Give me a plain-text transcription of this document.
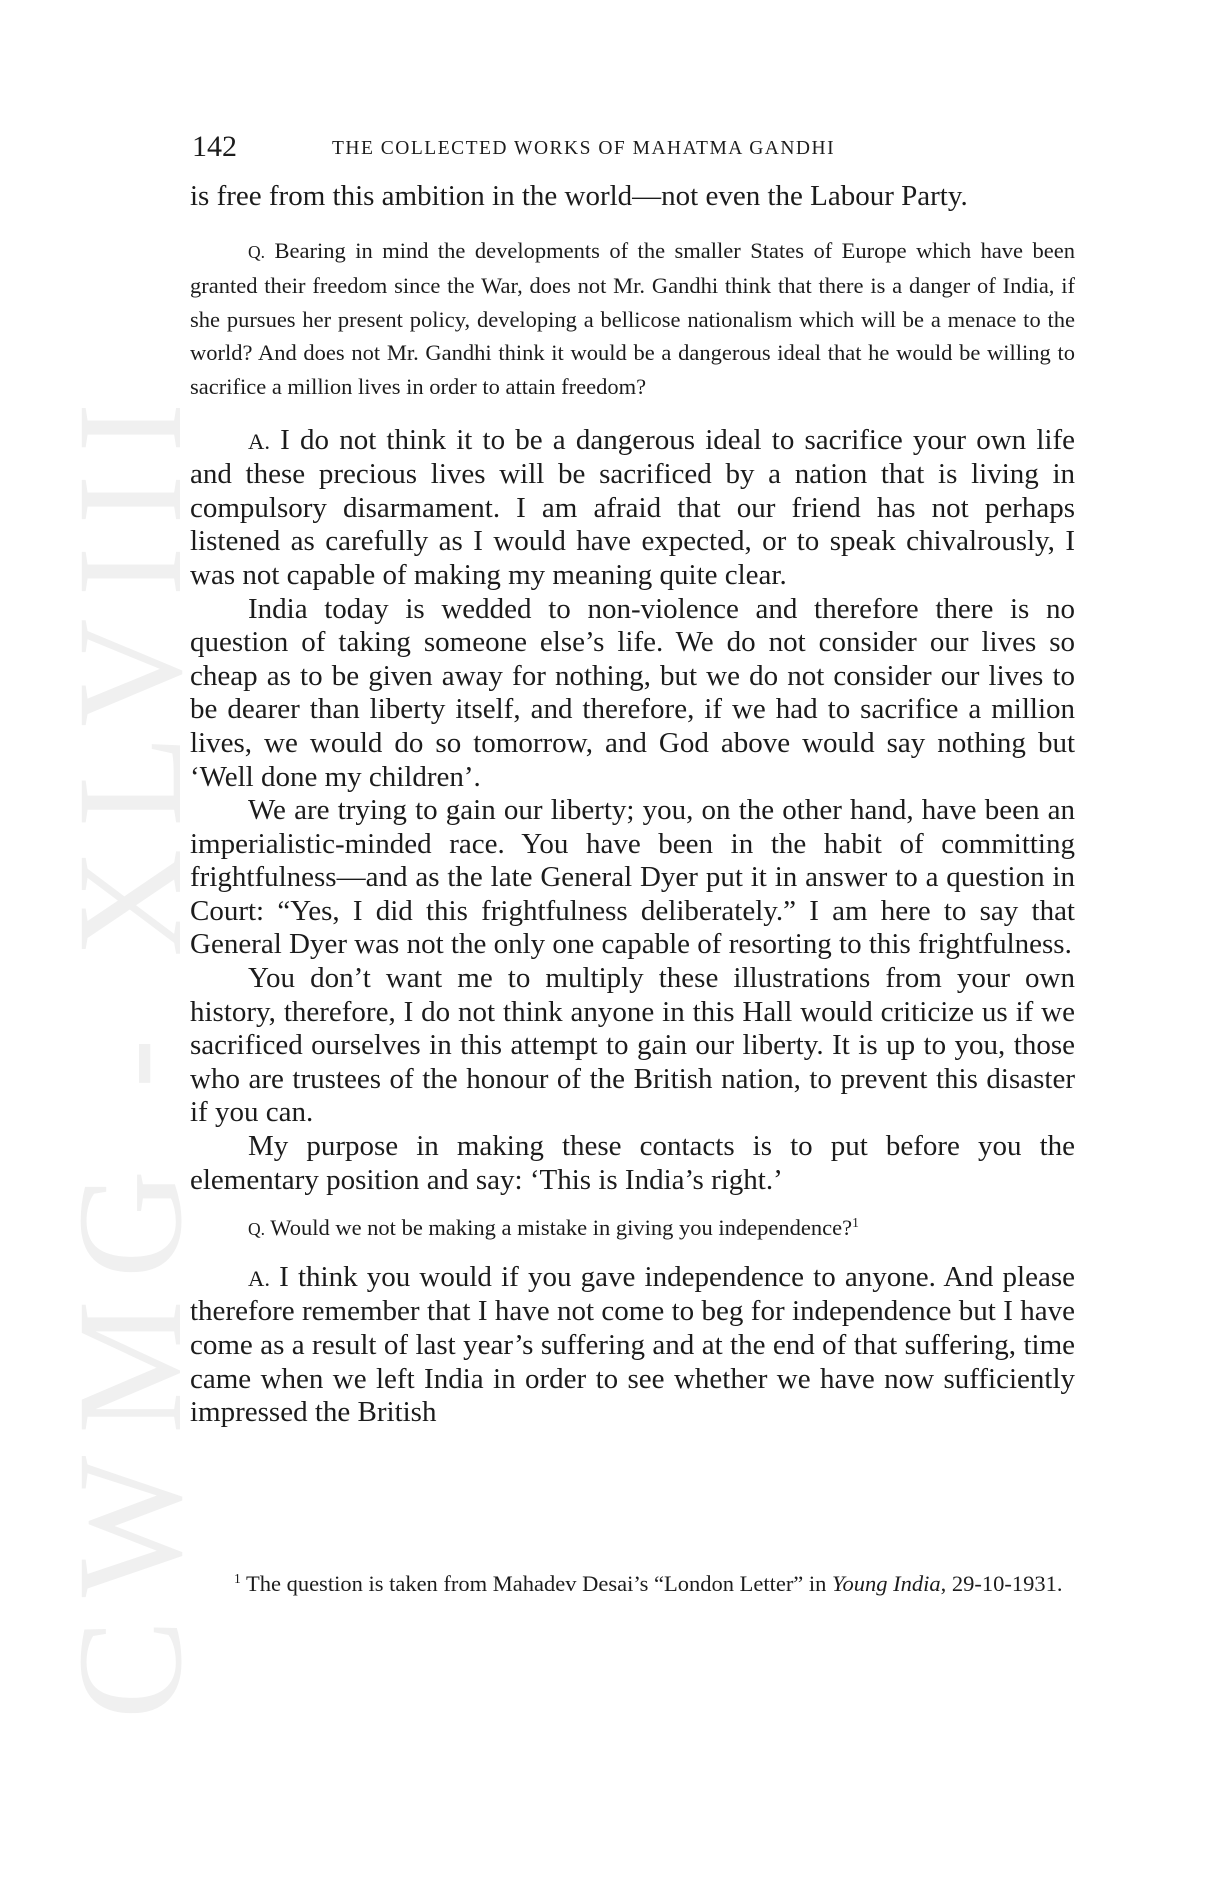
CWMG - XLVIII
142	THE COLLECTED WORKS OF MAHATMA GANDHI

is free from this ambition in the world—not even the Labour Party.

Q. Bearing in mind the developments of the smaller States of Europe which have been granted their freedom since the War, does not Mr. Gandhi think that there is a danger of India, if she pursues her present policy, developing a bellicose nationalism which will be a menace to the world? And does not Mr. Gandhi think it would be a dangerous ideal that he would be willing to sacrifice a million lives in order to attain freedom?

A. I do not think it to be a dangerous ideal to sacrifice your own life and these precious lives will be sacrificed by a nation that is living in compulsory disarmament. I am afraid that our friend has not perhaps listened as carefully as I would have expected, or to speak chivalrously, I was not capable of making my meaning quite clear.

India today is wedded to non-violence and therefore there is no question of taking someone else’s life. We do not consider our lives so cheap as to be given away for nothing, but we do not consider our lives to be dearer than liberty itself, and therefore, if we had to sacrifice a million lives, we would do so tomorrow, and God above would say nothing but ‘Well done my children’.

We are trying to gain our liberty; you, on the other hand, have been an imperialistic-minded race. You have been in the habit of committing frightfulness—and as the late General Dyer put it in answer to a question in Court: “Yes, I did this frightfulness deliberately.” I am here to say that General Dyer was not the only one capable of resorting to this frightfulness.

You don’t want me to multiply these illustrations from your own history, therefore, I do not think anyone in this Hall would criticize us if we sacrificed ourselves in this attempt to gain our liberty. It is up to you, those who are trustees of the honour of the British nation, to prevent this disaster if you can.

My purpose in making these contacts is to put before you the elementary position and say: ‘This is India’s right.’

Q. Would we not be making a mistake in giving you independence?$^1$

A. I think you would if you gave independence to anyone. And please therefore remember that I have not come to beg for independence but I have come as a result of last year’s suffering and at the end of that suffering, time came when we left India in order to see whether we have now sufficiently impressed the British

$^1$ The question is taken from Mahadev Desai’s “London Letter” in Young India, 29-10-1931.
